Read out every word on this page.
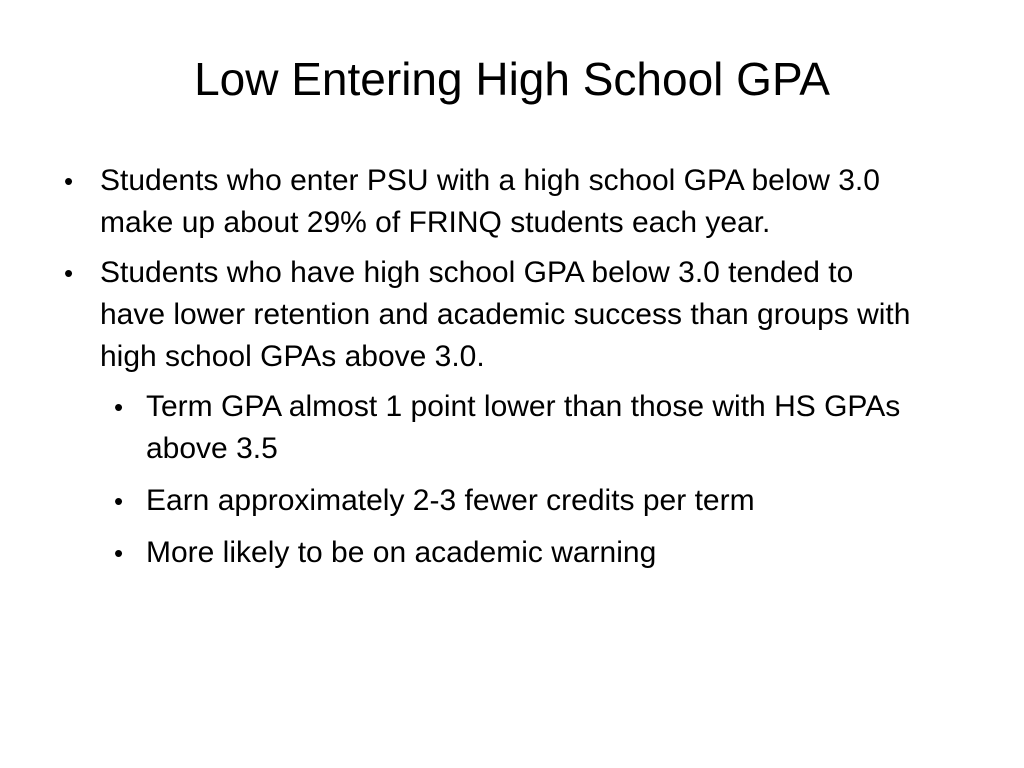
Low Entering High School GPA
• Students who enter PSU with a high school GPA below 3.0 make up about 29% of FRINQ students each year.
• Students who have high school GPA below 3.0 tended to have lower retention and academic success than groups with high school GPAs above 3.0.
• Term GPA almost 1 point lower than those with HS GPAs above 3.5
• Earn approximately 2-3 fewer credits per term
• More likely to be on academic warning
